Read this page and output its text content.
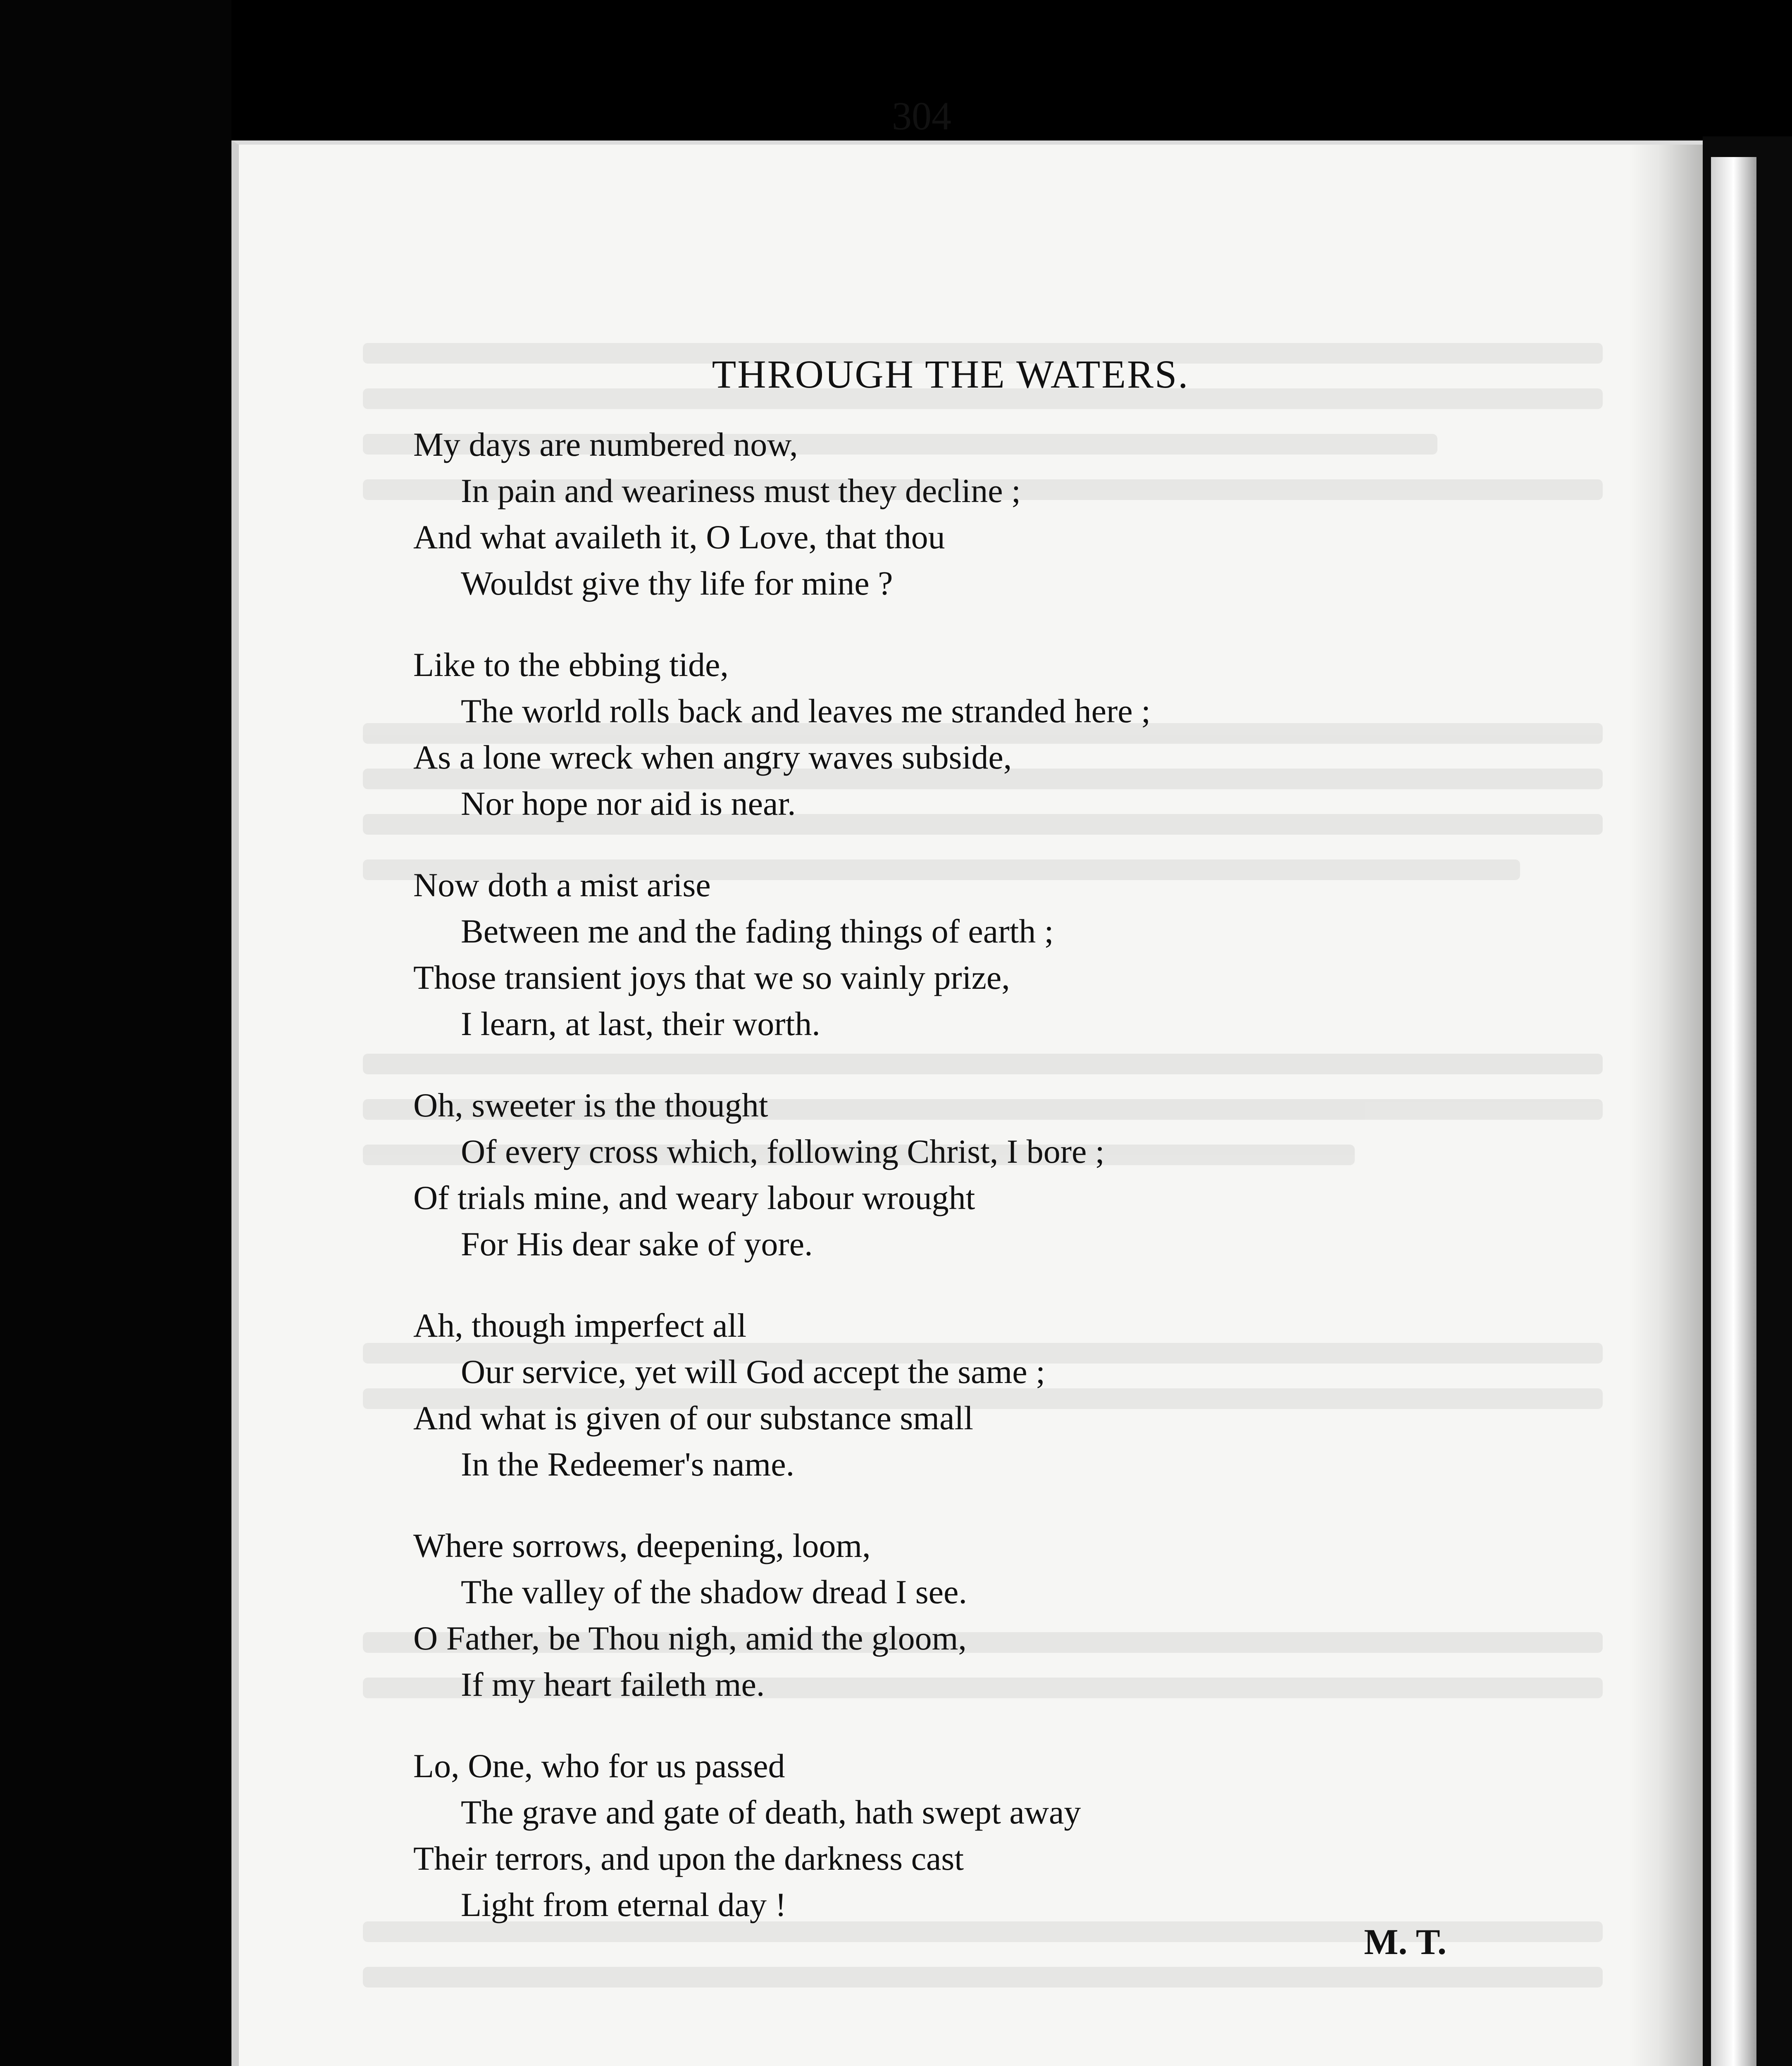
304
THROUGH THE WATERS.
My days are numbered now,
In pain and weariness must they decline ;
And what availeth it, O Love, that thou
Wouldst give thy life for mine ?
Like to the ebbing tide,
The world rolls back and leaves me stranded here ;
As a lone wreck when angry waves subside,
Nor hope nor aid is near.
Now doth a mist arise
Between me and the fading things of earth ;
Those transient joys that we so vainly prize,
I learn, at last, their worth.
Oh, sweeter is the thought
Of every cross which, following Christ, I bore ;
Of trials mine, and weary labour wrought
For His dear sake of yore.
Ah, though imperfect all
Our service, yet will God accept the same ;
And what is given of our substance small
In the Redeemer's name.
Where sorrows, deepening, loom,
The valley of the shadow dread I see.
O Father, be Thou nigh, amid the gloom,
If my heart faileth me.
Lo, One, who for us passed
The grave and gate of death, hath swept away
Their terrors, and upon the darkness cast
Light from eternal day !
M. T.
